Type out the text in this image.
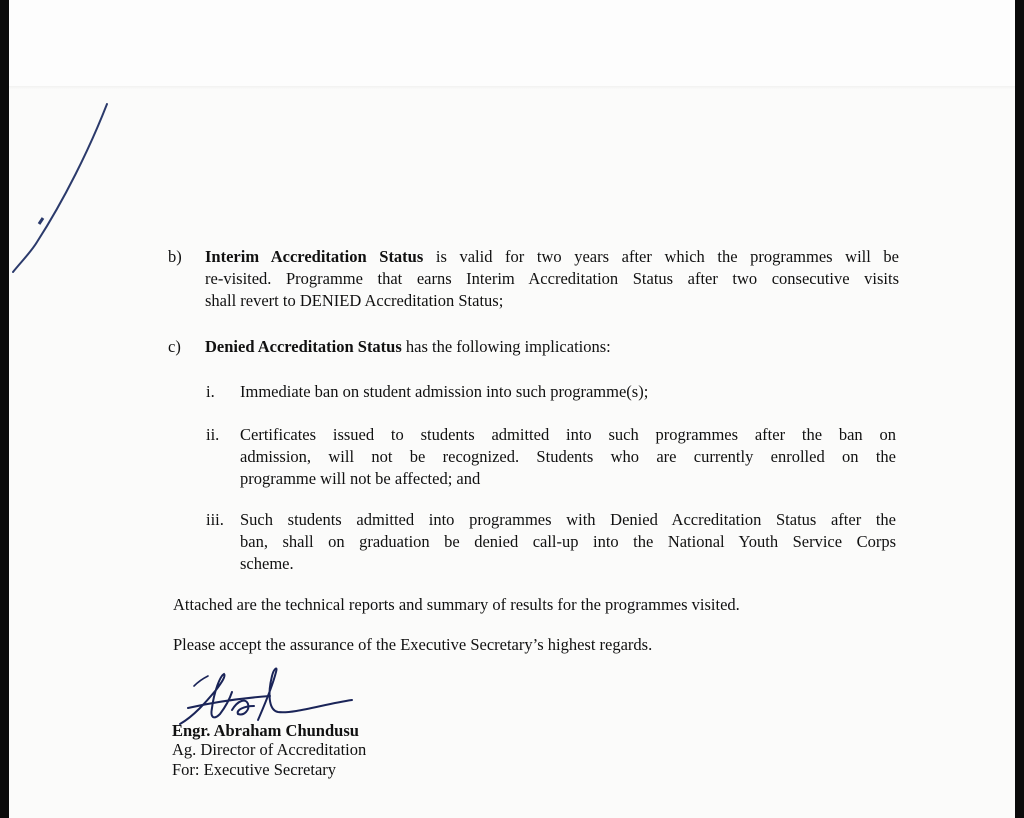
b) Interim Accreditation Status is valid for two years after which the programmes will be
re-visited. Programme that earns Interim Accreditation Status after two consecutive visits
shall revert to DENIED Accreditation Status;
c) Denied Accreditation Status has the following implications:
i. Immediate ban on student admission into such programme(s);
ii. Certificates issued to students admitted into such programmes after the ban on
admission, will not be recognized. Students who are currently enrolled on the
programme will not be affected; and
iii. Such students admitted into programmes with Denied Accreditation Status after the
ban, shall on graduation be denied call-up into the National Youth Service Corps
scheme.
Attached are the technical reports and summary of results for the programmes visited.
Please accept the assurance of the Executive Secretary’s highest regards.
Engr. Abraham Chundusu
Ag. Director of Accreditation
For: Executive Secretary
